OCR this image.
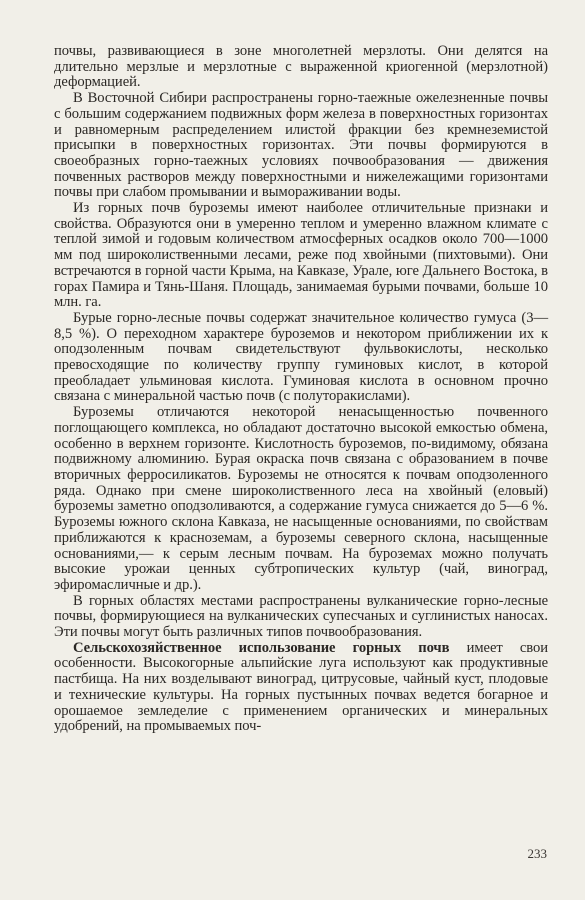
почвы, развивающиеся в зоне многолетней мерзлоты. Они делятся на длительно мерзлые и мерзлотные с выраженной криогенной (мерзлотной) деформацией.

В Восточной Сибири распространены горно-таежные ожелезненные почвы с большим содержанием подвижных форм железа в поверхностных горизонтах и равномерным распределением илистой фракции без кремнеземистой присыпки в поверхностных горизонтах. Эти почвы формируются в своеобразных горно-таежных условиях почвообразования — движения почвенных растворов между поверхностными и нижележащими горизонтами почвы при слабом промывании и вымораживании воды.

Из горных почв буроземы имеют наиболее отличительные признаки и свойства. Образуются они в умеренно теплом и умеренно влажном климате с теплой зимой и годовым количеством атмосферных осадков около 700—1000 мм под широколиственными лесами, реже под хвойными (пихтовыми). Они встречаются в горной части Крыма, на Кавказе, Урале, юге Дальнего Востока, в горах Памира и Тянь-Шаня. Площадь, занимаемая бурыми почвами, больше 10 млн. га.

Бурые горно-лесные почвы содержат значительное количество гумуса (3—8,5 %). О переходном характере буроземов и некотором приближении их к оподзоленным почвам свидетельствуют фульвокислоты, несколько превосходящие по количеству группу гуминовых кислот, в которой преобладает ульминовая кислота. Гуминовая кислота в основном прочно связана с минеральной частью почв (с полуторакислами).

Буроземы отличаются некоторой ненасыщенностью почвенного поглощающего комплекса, но обладают достаточно высокой емкостью обмена, особенно в верхнем горизонте. Кислотность буроземов, по-видимому, обязана подвижному алюминию. Бурая окраска почв связана с образованием в почве вторичных ферросиликатов. Буроземы не относятся к почвам оподзоленного ряда. Однако при смене широколиственного леса на хвойный (еловый) буроземы заметно оподзоливаются, а содержание гумуса снижается до 5—6 %. Буроземы южного склона Кавказа, не насыщенные основаниями, по свойствам приближаются к красноземам, а буроземы северного склона, насыщенные основаниями,— к серым лесным почвам. На буроземах можно получать высокие урожаи ценных субтропических культур (чай, виноград, эфиромасличные и др.).

В горных областях местами распространены вулканические горно-лесные почвы, формирующиеся на вулканических супесчаных и суглинистых наносах. Эти почвы могут быть различных типов почвообразования.

Сельскохозяйственное использование горных почв имеет свои особенности. Высокогорные альпийские луга используют как продуктивные пастбища. На них возделывают виноград, цитрусовые, чайный куст, плодовые и технические культуры. На горных пустынных почвах ведется богарное и орошаемое земледелие с применением органических и минеральных удобрений, на промываемых поч-

233
